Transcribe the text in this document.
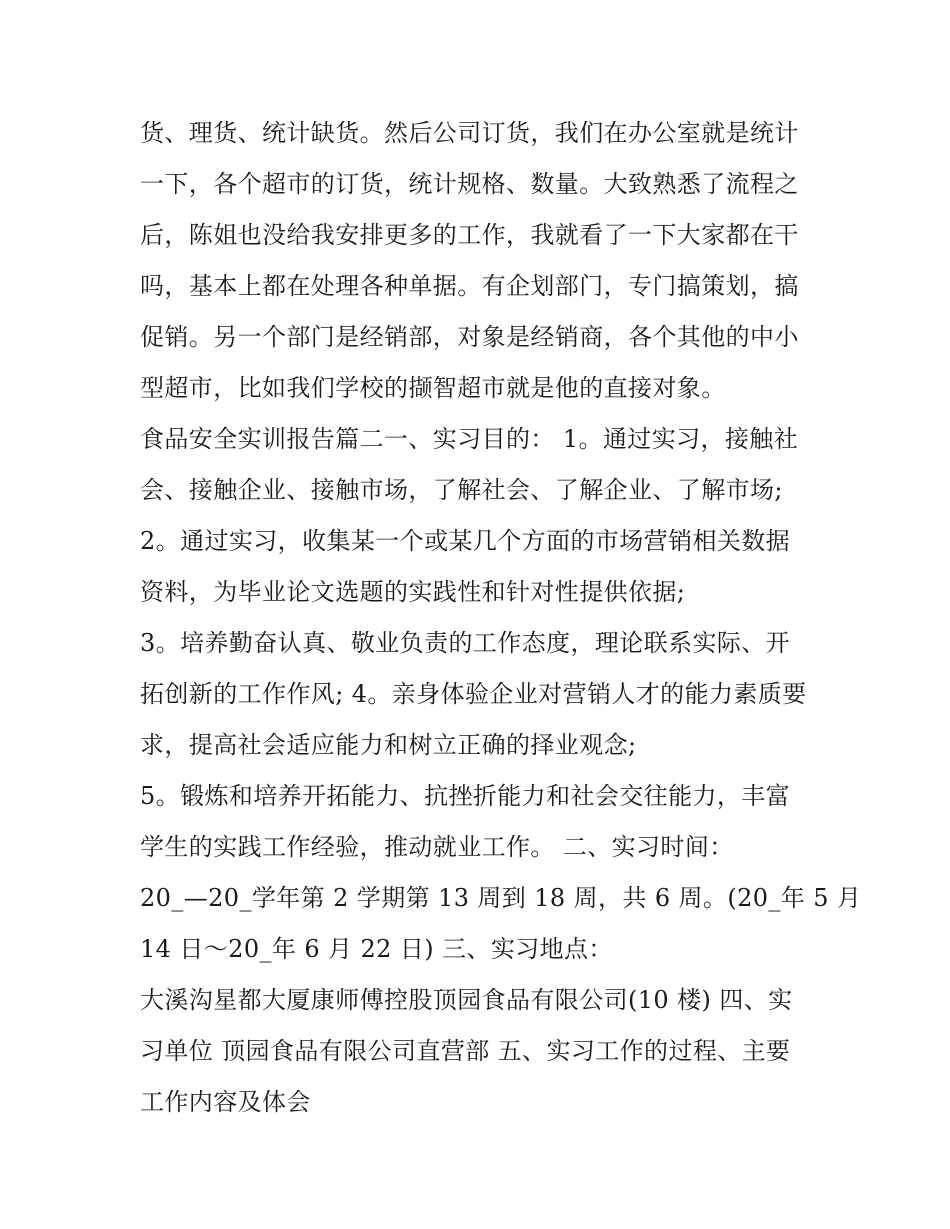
货、理货、统计缺货。然后公司订货，我们在办公室就是统计
一下，各个超市的订货，统计规格、数量。大致熟悉了流程之
后，陈姐也没给我安排更多的工作，我就看了一下大家都在干
吗，基本上都在处理各种单据。有企划部门，专门搞策划，搞
促销。另一个部门是经销部，对象是经销商，各个其他的中小
型超市，比如我们学校的撷智超市就是他的直接对象。
食品安全实训报告篇二一、实习目的： 1。通过实习，接触社
会、接触企业、接触市场，了解社会、了解企业、了解市场;
2。通过实习，收集某一个或某几个方面的市场营销相关数据
资料，为毕业论文选题的实践性和针对性提供依据;
3。培养勤奋认真、敬业负责的工作态度，理论联系实际、开
拓创新的工作作风; 4。亲身体验企业对营销人才的能力素质要
求，提高社会适应能力和树立正确的择业观念;
5。锻炼和培养开拓能力、抗挫折能力和社会交往能力，丰富
学生的实践工作经验，推动就业工作。 二、实习时间：
20_—20_学年第 2 学期第 13 周到 18 周，共 6 周。(20_年 5 月
14 日～20_年 6 月 22 日) 三、实习地点：
大溪沟星都大厦康师傅控股顶园食品有限公司(10 楼) 四、实
习单位 顶园食品有限公司直营部 五、实习工作的过程、主要
工作内容及体会
